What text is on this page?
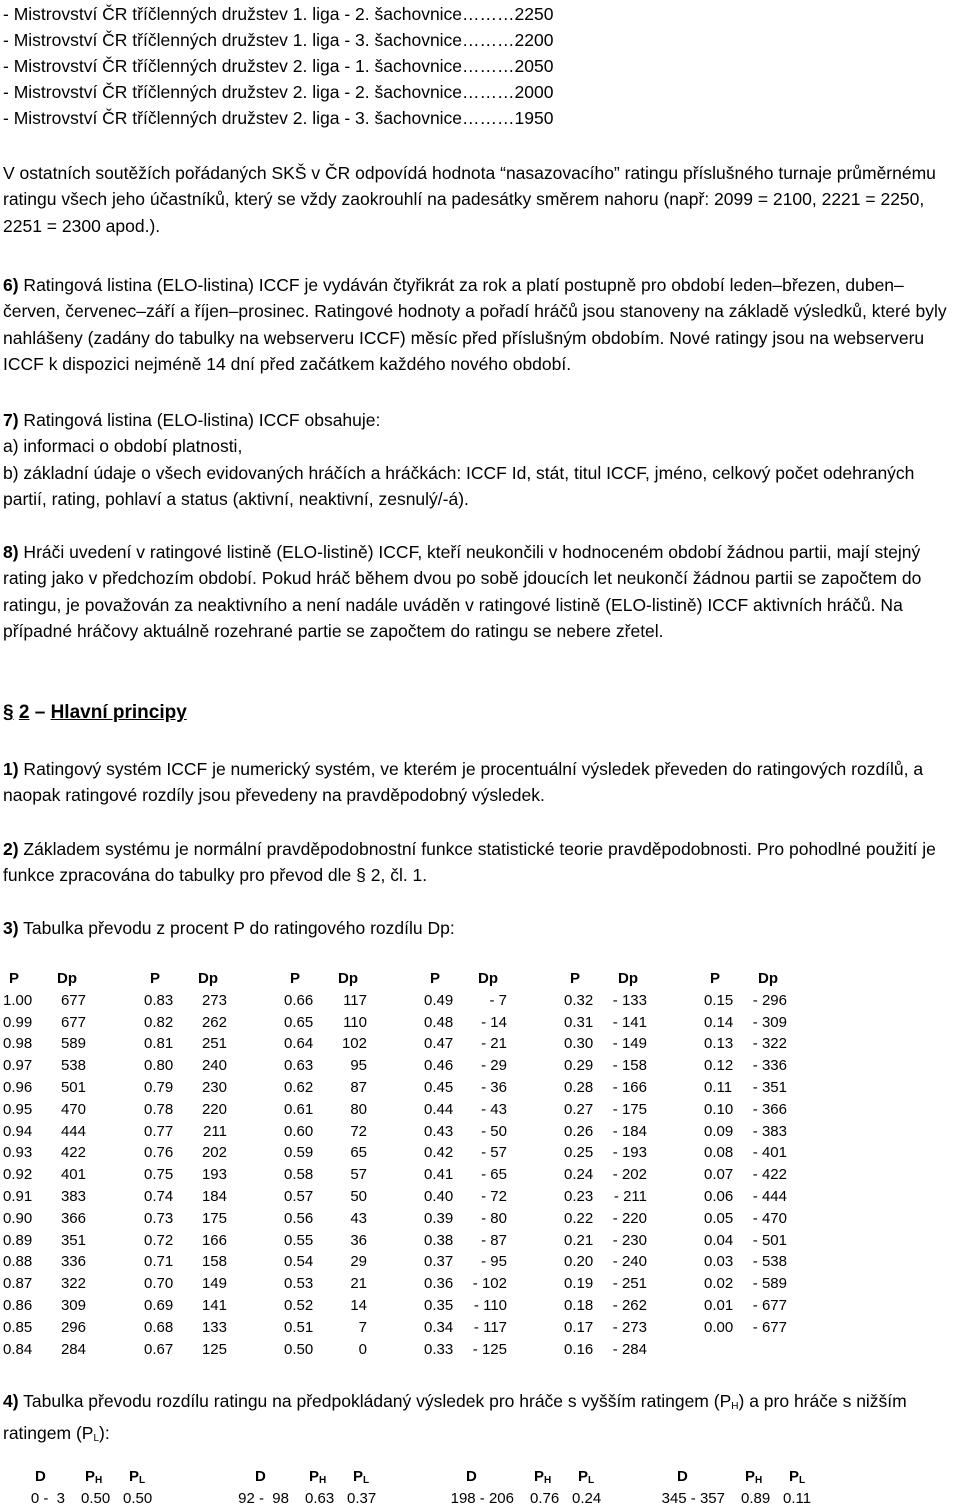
- Mistrovství ČR tříčlenných družstev 1. liga - 2. šachovnice………2250
- Mistrovství ČR tříčlenných družstev 1. liga - 3. šachovnice………2200
- Mistrovství ČR tříčlenných družstev 2. liga - 1. šachovnice………2050
- Mistrovství ČR tříčlenných družstev 2. liga - 2. šachovnice………2000
- Mistrovství ČR tříčlenných družstev 2. liga - 3. šachovnice………1950

V ostatních soutěžích pořádaných SKŠ v ČR odpovídá hodnota “nasazovacího” ratingu příslušného turnaje průměrnému ratingu všech jeho účastníků, který se vždy zaokrouhlí na padesátky směrem nahoru (např: 2099 = 2100, 2221 = 2250, 2251 = 2300 apod.).

6) Ratingová listina (ELO-listina) ICCF je vydáván čtyřikrát za rok a platí postupně pro období leden–březen, duben–červen, červenec–září a říjen–prosinec. Ratingové hodnoty a pořadí hráčů jsou stanoveny na základě výsledků, které byly nahlášeny (zadány do tabulky na webserveru ICCF) měsíc před příslušným obdobím. Nové ratingy jsou na webserveru ICCF k dispozici nejméně 14 dní před začátkem každého nového období.

7) Ratingová listina (ELO-listina) ICCF obsahuje:
a) informaci o období platnosti,
b) základní údaje o všech evidovaných hráčích a hráčkách: ICCF Id, stát, titul ICCF, jméno, celkový počet odehraných partií, rating, pohlaví a status (aktivní, neaktivní, zesnulý/-á).

8) Hráči uvedení v ratingové listině (ELO-listině) ICCF, kteří neukončili v hodnoceném období žádnou partii, mají stejný rating jako v předchozím období. Pokud hráč během dvou po sobě jdoucích let neukončí žádnou partii se započtem do ratingu, je považován za neaktivního a není nadále uváděn v ratingové listině (ELO-listině) ICCF aktivních hráčů. Na případné hráčovy aktuálně rozehrané partie se započtem do ratingu se nebere zřetel.

§ 2 – Hlavní principy

1) Ratingový systém ICCF je numerický systém, ve kterém je procentuální výsledek převeden do ratingových rozdílů, a naopak ratingové rozdíly jsou převedeny na pravděpodobný výsledek.

2) Základem systému je normální pravděpodobnostní funkce statistické teorie pravděpodobnosti. Pro pohodlné použití je funkce zpracována do tabulky pro převod dle § 2, čl. 1.

3) Tabulka převodu z procent P do ratingového rozdílu Dp:

P	Dp
1.00	677
0.99	677
0.98	589
0.97	538
0.96	501
0.95	470
0.94	444
0.93	422
0.92	401
0.91	383
0.90	366
0.89	351
0.88	336
0.87	322
0.86	309
0.85	296
0.84	284
P	Dp
0.83	273
0.82	262
0.81	251
0.80	240
0.79	230
0.78	220
0.77	211
0.76	202
0.75	193
0.74	184
0.73	175
0.72	166
0.71	158
0.70	149
0.69	141
0.68	133
0.67	125
P	Dp
0.66	117
0.65	110
0.64	102
0.63	95
0.62	87
0.61	80
0.60	72
0.59	65
0.58	57
0.57	50
0.56	43
0.55	36
0.54	29
0.53	21
0.52	14
0.51	7
0.50	0
P	Dp
0.49	- 7
0.48	- 14
0.47	- 21
0.46	- 29
0.45	- 36
0.44	- 43
0.43	- 50
0.42	- 57
0.41	- 65
0.40	- 72
0.39	- 80
0.38	- 87
0.37	- 95
0.36	- 102
0.35	- 110
0.34	- 117
0.33	- 125
P	Dp
0.32	- 133
0.31	- 141
0.30	- 149
0.29	- 158
0.28	- 166
0.27	- 175
0.26	- 184
0.25	- 193
0.24	- 202
0.23	- 211
0.22	- 220
0.21	- 230
0.20	- 240
0.19	- 251
0.18	- 262
0.17	- 273
0.16	- 284
P	Dp
0.15	- 296
0.14	- 309
0.13	- 322
0.12	- 336
0.11	- 351
0.10	- 366
0.09	- 383
0.08	- 401
0.07	- 422
0.06	- 444
0.05	- 470
0.04	- 501
0.03	- 538
0.02	- 589
0.01	- 677
0.00	- 677

4) Tabulka převodu rozdílu ratingu na předpokládaný výsledek pro hráče s vyšším ratingem $(P_H)$ a pro hráče s nižším ratingem $(P_L)$:

D	$P_H$ $P_L$
0 -  3 0.50 0.50
D	$P_H$ $P_L$
92 -  98 0.63 0.37
D	$P_H$ $P_L$
198 - 206 0.76 0.24
D	$P_H$ $P_L$
345 - 357 0.89 0.11
